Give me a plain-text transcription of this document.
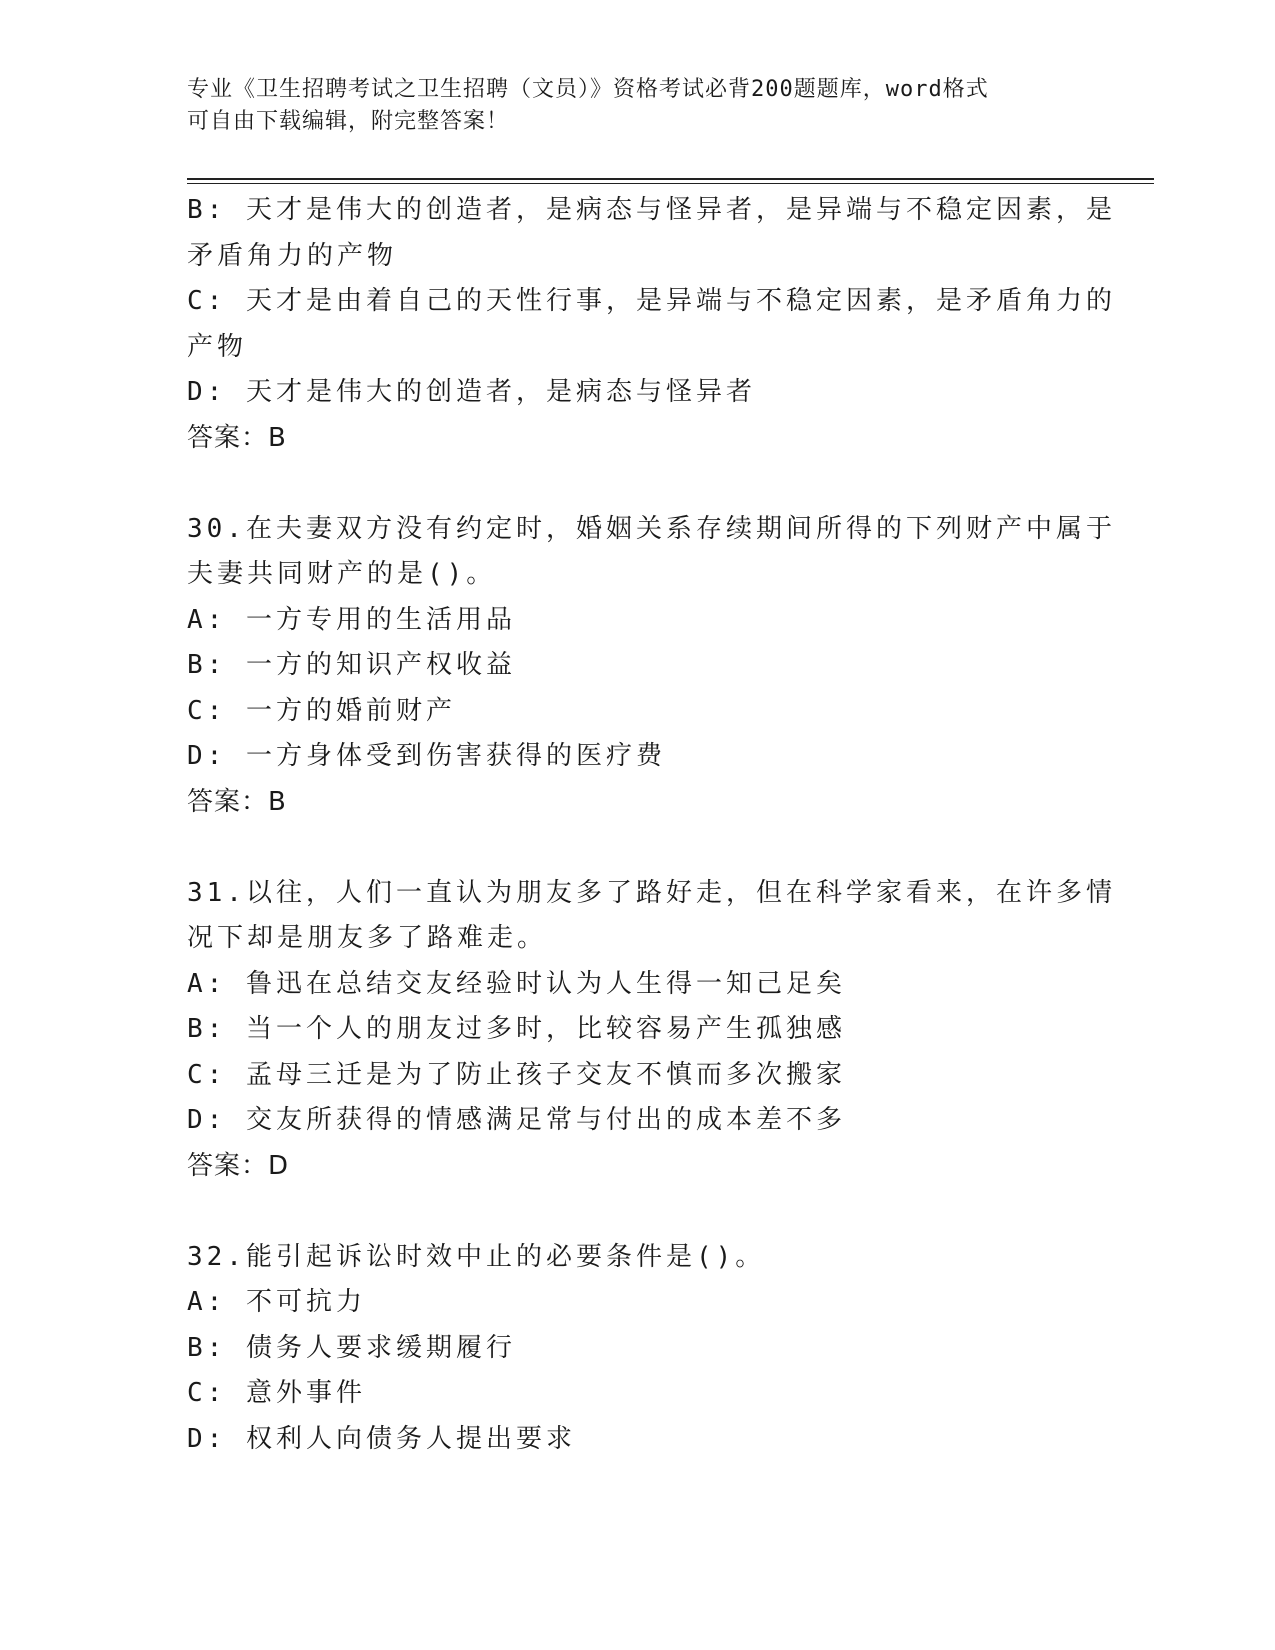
专业《卫生招聘考试之卫生招聘（文员）》资格考试必背200题题库，word格式
可自由下载编辑，附完整答案！
B: 天才是伟大的创造者，是病态与怪异者，是异端与不稳定因素，是
矛盾角力的产物
C: 天才是由着自己的天性行事，是异端与不稳定因素，是矛盾角力的
产物
D: 天才是伟大的创造者，是病态与怪异者
答案：B
30.在夫妻双方没有约定时，婚姻关系存续期间所得的下列财产中属于
夫妻共同财产的是()。
A: 一方专用的生活用品
B: 一方的知识产权收益
C: 一方的婚前财产
D: 一方身体受到伤害获得的医疗费
答案：B
31.以往，人们一直认为朋友多了路好走，但在科学家看来，在许多情
况下却是朋友多了路难走。
A: 鲁迅在总结交友经验时认为人生得一知己足矣
B: 当一个人的朋友过多时，比较容易产生孤独感
C: 孟母三迁是为了防止孩子交友不慎而多次搬家
D: 交友所获得的情感满足常与付出的成本差不多
答案：D
32.能引起诉讼时效中止的必要条件是()。
A: 不可抗力
B: 债务人要求缓期履行
C: 意外事件
D: 权利人向债务人提出要求
